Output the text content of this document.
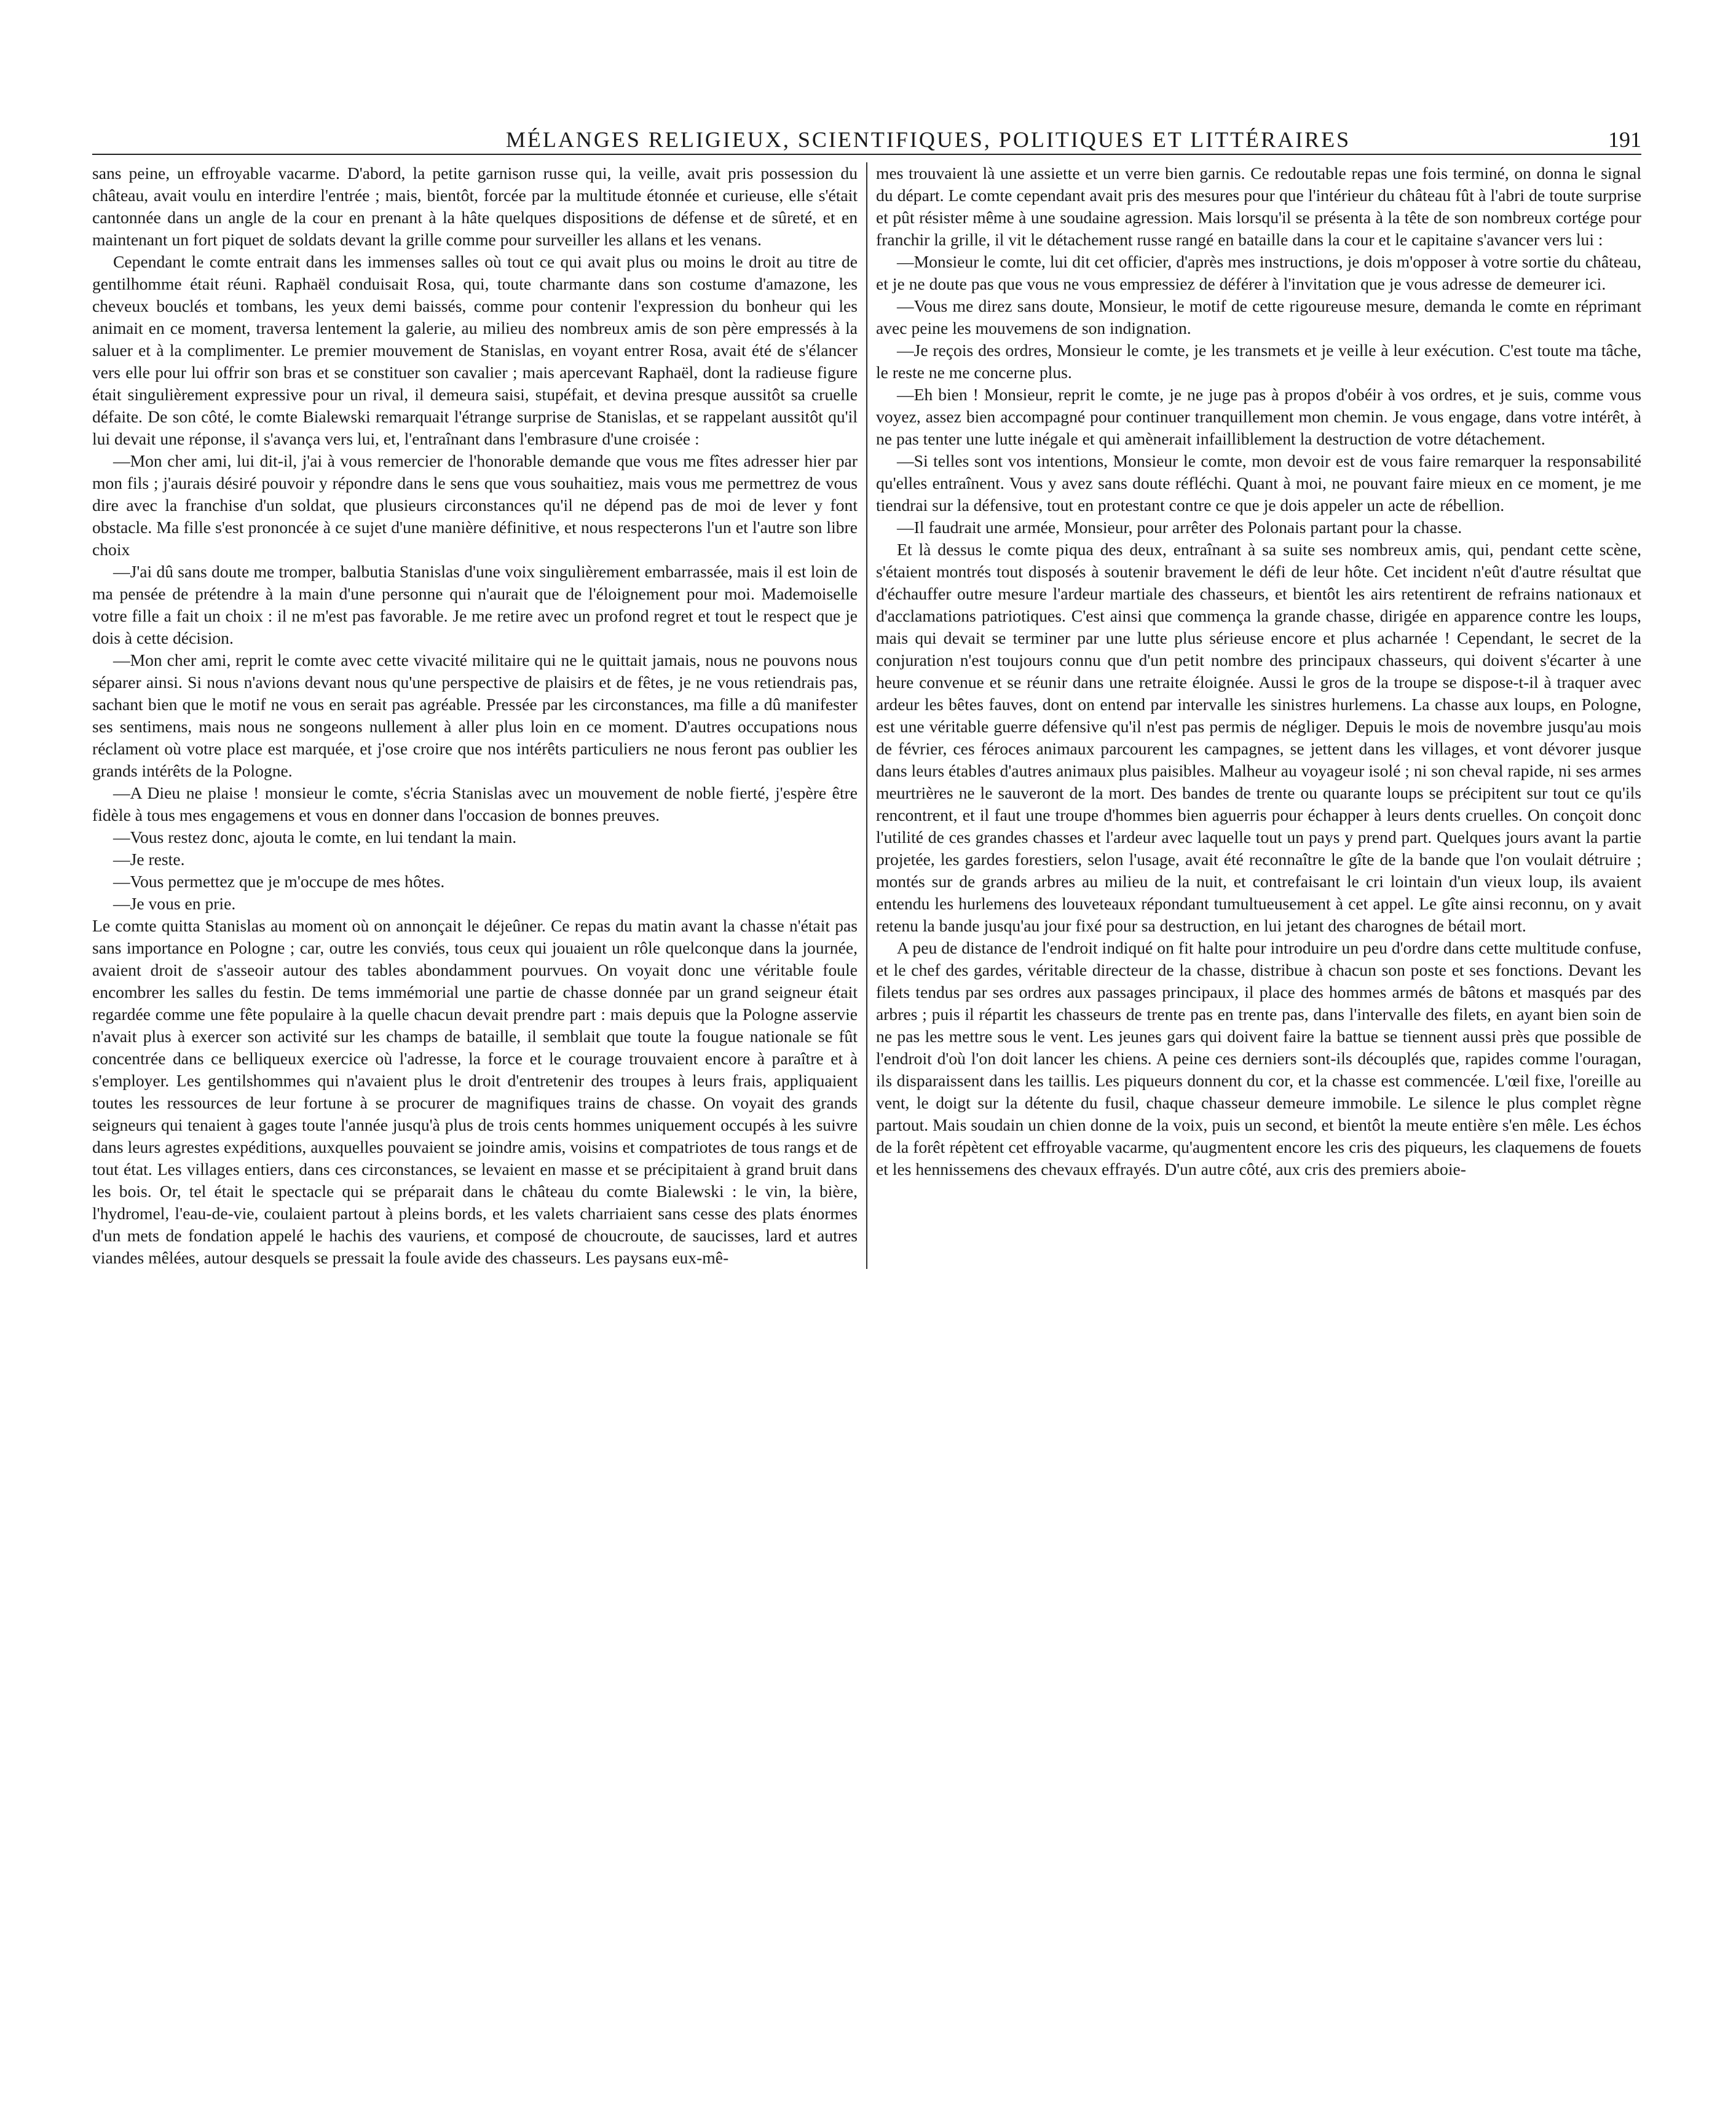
MÉLANGES RELIGIEUX, SCIENTIFIQUES, POLITIQUES ET LITTÉRAIRES	191

sans peine, un effroyable vacarme. D'abord, la petite garnison russe qui, la veille, avait pris possession du château, avait voulu en interdire l'entrée ; mais, bientôt, forcée par la multitude étonnée et curieuse, elle s'était cantonnée dans un angle de la cour en prenant à la hâte quelques dispositions de défense et de sûreté, et en maintenant un fort piquet de soldats devant la grille comme pour surveiller les allans et les venans.

Cependant le comte entrait dans les immenses salles où tout ce qui avait plus ou moins le droit au titre de gentilhomme était réuni. Raphaël conduisait Rosa, qui, toute charmante dans son costume d'amazone, les cheveux bouclés et tombans, les yeux demi baissés, comme pour contenir l'expression du bonheur qui les animait en ce moment, traversa lentement la galerie, au milieu des nombreux amis de son père empressés à la saluer et à la complimenter. Le premier mouvement de Stanislas, en voyant entrer Rosa, avait été de s'élancer vers elle pour lui offrir son bras et se constituer son cavalier ; mais apercevant Raphaël, dont la radieuse figure était singulièrement expressive pour un rival, il demeura saisi, stupéfait, et devina presque aussitôt sa cruelle défaite. De son côté, le comte Bialewski remarquait l'étrange surprise de Stanislas, et se rappelant aussitôt qu'il lui devait une réponse, il s'avança vers lui, et, l'entraînant dans l'embrasure d'une croisée :

—Mon cher ami, lui dit-il, j'ai à vous remercier de l'honorable demande que vous me fîtes adresser hier par mon fils ; j'aurais désiré pouvoir y répondre dans le sens que vous souhaitiez, mais vous me permettrez de vous dire avec la franchise d'un soldat, que plusieurs circonstances qu'il ne dépend pas de moi de lever y font obstacle. Ma fille s'est prononcée à ce sujet d'une manière définitive, et nous respecterons l'un et l'autre son libre choix

—J'ai dû sans doute me tromper, balbutia Stanislas d'une voix singulièrement embarrassée, mais il est loin de ma pensée de prétendre à la main d'une personne qui n'aurait que de l'éloignement pour moi. Mademoiselle votre fille a fait un choix : il ne m'est pas favorable. Je me retire avec un profond regret et tout le respect que je dois à cette décision.

—Mon cher ami, reprit le comte avec cette vivacité militaire qui ne le quittait jamais, nous ne pouvons nous séparer ainsi. Si nous n'avions devant nous qu'une perspective de plaisirs et de fêtes, je ne vous retiendrais pas, sachant bien que le motif ne vous en serait pas agréable. Pressée par les circonstances, ma fille a dû manifester ses sentimens, mais nous ne songeons nullement à aller plus loin en ce moment. D'autres occupations nous réclament où votre place est marquée, et j'ose croire que nos intérêts particuliers ne nous feront pas oublier les grands intérêts de la Pologne.

—A Dieu ne plaise ! monsieur le comte, s'écria Stanislas avec un mouvement de noble fierté, j'espère être fidèle à tous mes engagemens et vous en donner dans l'occasion de bonnes preuves.

—Vous restez donc, ajouta le comte, en lui tendant la main.

—Je reste.

—Vous permettez que je m'occupe de mes hôtes.

—Je vous en prie.

Le comte quitta Stanislas au moment où on annonçait le déjeûner. Ce repas du matin avant la chasse n'était pas sans importance en Pologne ; car, outre les conviés, tous ceux qui jouaient un rôle quelconque dans la journée, avaient droit de s'asseoir autour des tables abondamment pourvues. On voyait donc une véritable foule encombrer les salles du festin. De tems immémorial une partie de chasse donnée par un grand seigneur était regardée comme une fête populaire à la quelle chacun devait prendre part : mais depuis que la Pologne asservie n'avait plus à exercer son activité sur les champs de bataille, il semblait que toute la fougue nationale se fût concentrée dans ce belliqueux exercice où l'adresse, la force et le courage trouvaient encore à paraître et à s'employer. Les gentilshommes qui n'avaient plus le droit d'entretenir des troupes à leurs frais, appliquaient toutes les ressources de leur fortune à se procurer de magnifiques trains de chasse. On voyait des grands seigneurs qui tenaient à gages toute l'année jusqu'à plus de trois cents hommes uniquement occupés à les suivre dans leurs agrestes expéditions, auxquelles pouvaient se joindre amis, voisins et compatriotes de tous rangs et de tout état. Les villages entiers, dans ces circonstances, se levaient en masse et se précipitaient à grand bruit dans les bois. Or, tel était le spectacle qui se préparait dans le château du comte Bialewski : le vin, la bière, l'hydromel, l'eau-de-vie, coulaient partout à pleins bords, et les valets charriaient sans cesse des plats énormes d'un mets de fondation appelé le hachis des vauriens, et composé de choucroute, de saucisses, lard et autres viandes mêlées, autour desquels se pressait la foule avide des chasseurs. Les paysans eux-mê-

mes trouvaient là une assiette et un verre bien garnis. Ce redoutable repas une fois terminé, on donna le signal du départ. Le comte cependant avait pris des mesures pour que l'intérieur du château fût à l'abri de toute surprise et pût résister même à une soudaine agression. Mais lorsqu'il se présenta à la tête de son nombreux cortége pour franchir la grille, il vit le détachement russe rangé en bataille dans la cour et le capitaine s'avancer vers lui :

—Monsieur le comte, lui dit cet officier, d'après mes instructions, je dois m'opposer à votre sortie du château, et je ne doute pas que vous ne vous empressiez de déférer à l'invitation que je vous adresse de demeurer ici.

—Vous me direz sans doute, Monsieur, le motif de cette rigoureuse mesure, demanda le comte en réprimant avec peine les mouvemens de son indignation.

—Je reçois des ordres, Monsieur le comte, je les transmets et je veille à leur exécution. C'est toute ma tâche, le reste ne me concerne plus.

—Eh bien ! Monsieur, reprit le comte, je ne juge pas à propos d'obéir à vos ordres, et je suis, comme vous voyez, assez bien accompagné pour continuer tranquillement mon chemin. Je vous engage, dans votre intérêt, à ne pas tenter une lutte inégale et qui amènerait infailliblement la destruction de votre détachement.

—Si telles sont vos intentions, Monsieur le comte, mon devoir est de vous faire remarquer la responsabilité qu'elles entraînent. Vous y avez sans doute réfléchi. Quant à moi, ne pouvant faire mieux en ce moment, je me tiendrai sur la défensive, tout en protestant contre ce que je dois appeler un acte de rébellion.

—Il faudrait une armée, Monsieur, pour arrêter des Polonais partant pour la chasse.

Et là dessus le comte piqua des deux, entraînant à sa suite ses nombreux amis, qui, pendant cette scène, s'étaient montrés tout disposés à soutenir bravement le défi de leur hôte. Cet incident n'eût d'autre résultat que d'échauffer outre mesure l'ardeur martiale des chasseurs, et bientôt les airs retentirent de refrains nationaux et d'acclamations patriotiques. C'est ainsi que commença la grande chasse, dirigée en apparence contre les loups, mais qui devait se terminer par une lutte plus sérieuse encore et plus acharnée ! Cependant, le secret de la conjuration n'est toujours connu que d'un petit nombre des principaux chasseurs, qui doivent s'écarter à une heure convenue et se réunir dans une retraite éloignée. Aussi le gros de la troupe se dispose-t-il à traquer avec ardeur les bêtes fauves, dont on entend par intervalle les sinistres hurlemens. La chasse aux loups, en Pologne, est une véritable guerre défensive qu'il n'est pas permis de négliger. Depuis le mois de novembre jusqu'au mois de février, ces féroces animaux parcourent les campagnes, se jettent dans les villages, et vont dévorer jusque dans leurs étables d'autres animaux plus paisibles. Malheur au voyageur isolé ; ni son cheval rapide, ni ses armes meurtrières ne le sauveront de la mort. Des bandes de trente ou quarante loups se précipitent sur tout ce qu'ils rencontrent, et il faut une troupe d'hommes bien aguerris pour échapper à leurs dents cruelles. On conçoit donc l'utilité de ces grandes chasses et l'ardeur avec laquelle tout un pays y prend part. Quelques jours avant la partie projetée, les gardes forestiers, selon l'usage, avait été reconnaître le gîte de la bande que l'on voulait détruire ; montés sur de grands arbres au milieu de la nuit, et contrefaisant le cri lointain d'un vieux loup, ils avaient entendu les hurlemens des louveteaux répondant tumultueusement à cet appel. Le gîte ainsi reconnu, on y avait retenu la bande jusqu'au jour fixé pour sa destruction, en lui jetant des charognes de bétail mort.

A peu de distance de l'endroit indiqué on fit halte pour introduire un peu d'ordre dans cette multitude confuse, et le chef des gardes, véritable directeur de la chasse, distribue à chacun son poste et ses fonctions. Devant les filets tendus par ses ordres aux passages principaux, il place des hommes armés de bâtons et masqués par des arbres ; puis il répartit les chasseurs de trente pas en trente pas, dans l'intervalle des filets, en ayant bien soin de ne pas les mettre sous le vent. Les jeunes gars qui doivent faire la battue se tiennent aussi près que possible de l'endroit d'où l'on doit lancer les chiens. A peine ces derniers sont-ils découplés que, rapides comme l'ouragan, ils disparaissent dans les taillis. Les piqueurs donnent du cor, et la chasse est commencée. L'œil fixe, l'oreille au vent, le doigt sur la détente du fusil, chaque chasseur demeure immobile. Le silence le plus complet règne partout. Mais soudain un chien donne de la voix, puis un second, et bientôt la meute entière s'en mêle. Les échos de la forêt répètent cet effroyable vacarme, qu'augmentent encore les cris des piqueurs, les claquemens de fouets et les hennissemens des chevaux effrayés. D'un autre côté, aux cris des premiers aboie-
